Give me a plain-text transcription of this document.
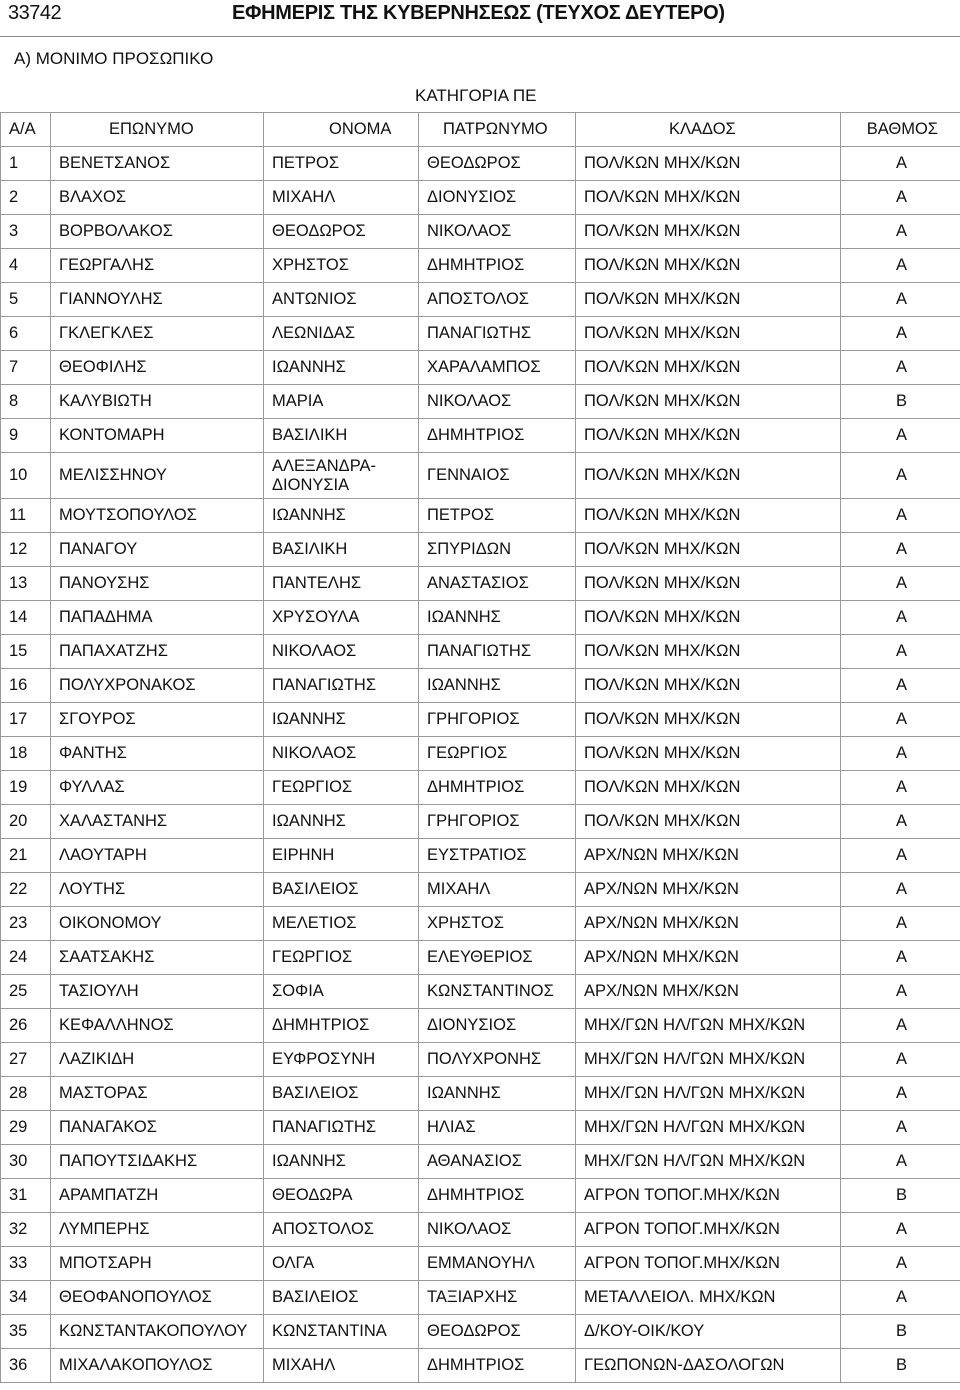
33742	ΕΦΗΜΕΡΙΣ ΤΗΣ ΚΥΒΕΡΝΗΣΕΩΣ (ΤΕΥΧΟΣ ΔΕΥΤΕΡΟ)
Α) ΜΟΝΙΜΟ ΠΡΟΣΩΠΙΚΟ
ΚΑΤΗΓΟΡΙΑ ΠΕ
Α/Α	ΕΠΩΝΥΜΟ	ΟΝΟΜΑ	ΠΑΤΡΩΝΥΜΟ	ΚΛΑΔΟΣ	ΒΑΘΜΟΣ
1	ΒΕΝΕΤΣΑΝΟΣ	ΠΕΤΡΟΣ	ΘΕΟΔΩΡΟΣ	ΠΟΛ/ΚΩΝ ΜΗΧ/ΚΩΝ	Α
2	ΒΛΑΧΟΣ	ΜΙΧΑΗΛ	ΔΙΟΝΥΣΙΟΣ	ΠΟΛ/ΚΩΝ ΜΗΧ/ΚΩΝ	Α
3	ΒΟΡΒΟΛΑΚΟΣ	ΘΕΟΔΩΡΟΣ	ΝΙΚΟΛΑΟΣ	ΠΟΛ/ΚΩΝ ΜΗΧ/ΚΩΝ	Α
4	ΓΕΩΡΓΑΛΗΣ	ΧΡΗΣΤΟΣ	ΔΗΜΗΤΡΙΟΣ	ΠΟΛ/ΚΩΝ ΜΗΧ/ΚΩΝ	Α
5	ΓΙΑΝΝΟΥΛΗΣ	ΑΝΤΩΝΙΟΣ	ΑΠΟΣΤΟΛΟΣ	ΠΟΛ/ΚΩΝ ΜΗΧ/ΚΩΝ	Α
6	ΓΚΛΕΓΚΛΕΣ	ΛΕΩΝΙΔΑΣ	ΠΑΝΑΓΙΩΤΗΣ	ΠΟΛ/ΚΩΝ ΜΗΧ/ΚΩΝ	Α
7	ΘΕΟΦΙΛΗΣ	ΙΩΑΝΝΗΣ	ΧΑΡΑΛΑΜΠΟΣ	ΠΟΛ/ΚΩΝ ΜΗΧ/ΚΩΝ	Α
8	ΚΑΛΥΒΙΩΤΗ	ΜΑΡΙΑ	ΝΙΚΟΛΑΟΣ	ΠΟΛ/ΚΩΝ ΜΗΧ/ΚΩΝ	Β
9	ΚΟΝΤΟΜΑΡΗ	ΒΑΣΙΛΙΚΗ	ΔΗΜΗΤΡΙΟΣ	ΠΟΛ/ΚΩΝ ΜΗΧ/ΚΩΝ	Α
10	ΜΕΛΙΣΣΗΝΟΥ	ΑΛΕΞΑΝΔΡΑ-
ΔΙΟΝΥΣΙΑ	ΓΕΝΝΑΙΟΣ	ΠΟΛ/ΚΩΝ ΜΗΧ/ΚΩΝ	Α
11	ΜΟΥΤΣΟΠΟΥΛΟΣ	ΙΩΑΝΝΗΣ	ΠΕΤΡΟΣ	ΠΟΛ/ΚΩΝ ΜΗΧ/ΚΩΝ	Α
12	ΠΑΝΑΓΟΥ	ΒΑΣΙΛΙΚΗ	ΣΠΥΡΙΔΩΝ	ΠΟΛ/ΚΩΝ ΜΗΧ/ΚΩΝ	Α
13	ΠΑΝΟΥΣΗΣ	ΠΑΝΤΕΛΗΣ	ΑΝΑΣΤΑΣΙΟΣ	ΠΟΛ/ΚΩΝ ΜΗΧ/ΚΩΝ	Α
14	ΠΑΠΑΔΗΜΑ	ΧΡΥΣΟΥΛΑ	ΙΩΑΝΝΗΣ	ΠΟΛ/ΚΩΝ ΜΗΧ/ΚΩΝ	Α
15	ΠΑΠΑΧΑΤΖΗΣ	ΝΙΚΟΛΑΟΣ	ΠΑΝΑΓΙΩΤΗΣ	ΠΟΛ/ΚΩΝ ΜΗΧ/ΚΩΝ	Α
16	ΠΟΛΥΧΡΟΝΑΚΟΣ	ΠΑΝΑΓΙΩΤΗΣ	ΙΩΑΝΝΗΣ	ΠΟΛ/ΚΩΝ ΜΗΧ/ΚΩΝ	Α
17	ΣΓΟΥΡΟΣ	ΙΩΑΝΝΗΣ	ΓΡΗΓΟΡΙΟΣ	ΠΟΛ/ΚΩΝ ΜΗΧ/ΚΩΝ	Α
18	ΦΑΝΤΗΣ	ΝΙΚΟΛΑΟΣ	ΓΕΩΡΓΙΟΣ	ΠΟΛ/ΚΩΝ ΜΗΧ/ΚΩΝ	Α
19	ΦΥΛΛΑΣ	ΓΕΩΡΓΙΟΣ	ΔΗΜΗΤΡΙΟΣ	ΠΟΛ/ΚΩΝ ΜΗΧ/ΚΩΝ	Α
20	ΧΑΛΑΣΤΑΝΗΣ	ΙΩΑΝΝΗΣ	ΓΡΗΓΟΡΙΟΣ	ΠΟΛ/ΚΩΝ ΜΗΧ/ΚΩΝ	Α
21	ΛΑΟΥΤΑΡΗ	ΕΙΡΗΝΗ	ΕΥΣΤΡΑΤΙΟΣ	ΑΡΧ/ΝΩΝ ΜΗΧ/ΚΩΝ	Α
22	ΛΟΥΤΗΣ	ΒΑΣΙΛΕΙΟΣ	ΜΙΧΑΗΛ	ΑΡΧ/ΝΩΝ ΜΗΧ/ΚΩΝ	Α
23	ΟΙΚΟΝΟΜΟΥ	ΜΕΛΕΤΙΟΣ	ΧΡΗΣΤΟΣ	ΑΡΧ/ΝΩΝ ΜΗΧ/ΚΩΝ	Α
24	ΣΑΑΤΣΑΚΗΣ	ΓΕΩΡΓΙΟΣ	ΕΛΕΥΘΕΡΙΟΣ	ΑΡΧ/ΝΩΝ ΜΗΧ/ΚΩΝ	Α
25	ΤΑΣΙΟΥΛΗ	ΣΟΦΙΑ	ΚΩΝΣΤΑΝΤΙΝΟΣ	ΑΡΧ/ΝΩΝ ΜΗΧ/ΚΩΝ	Α
26	ΚΕΦΑΛΛΗΝΟΣ	ΔΗΜΗΤΡΙΟΣ	ΔΙΟΝΥΣΙΟΣ	ΜΗΧ/ΓΩΝ ΗΛ/ΓΩΝ ΜΗΧ/ΚΩΝ	Α
27	ΛΑΖΙΚΙΔΗ	ΕΥΦΡΟΣΥΝΗ	ΠΟΛΥΧΡΟΝΗΣ	ΜΗΧ/ΓΩΝ ΗΛ/ΓΩΝ ΜΗΧ/ΚΩΝ	Α
28	ΜΑΣΤΟΡΑΣ	ΒΑΣΙΛΕΙΟΣ	ΙΩΑΝΝΗΣ	ΜΗΧ/ΓΩΝ ΗΛ/ΓΩΝ ΜΗΧ/ΚΩΝ	Α
29	ΠΑΝΑΓΑΚΟΣ	ΠΑΝΑΓΙΩΤΗΣ	ΗΛΙΑΣ	ΜΗΧ/ΓΩΝ ΗΛ/ΓΩΝ ΜΗΧ/ΚΩΝ	Α
30	ΠΑΠΟΥΤΣΙΔΑΚΗΣ	ΙΩΑΝΝΗΣ	ΑΘΑΝΑΣΙΟΣ	ΜΗΧ/ΓΩΝ ΗΛ/ΓΩΝ ΜΗΧ/ΚΩΝ	Α
31	ΑΡΑΜΠΑΤΖΗ	ΘΕΟΔΩΡΑ	ΔΗΜΗΤΡΙΟΣ	ΑΓΡΟΝ ΤΟΠΟΓ.ΜΗΧ/ΚΩΝ	Β
32	ΛΥΜΠΕΡΗΣ	ΑΠΟΣΤΟΛΟΣ	ΝΙΚΟΛΑΟΣ	ΑΓΡΟΝ ΤΟΠΟΓ.ΜΗΧ/ΚΩΝ	Α
33	ΜΠΟΤΣΑΡΗ	ΟΛΓΑ	ΕΜΜΑΝΟΥΗΛ	ΑΓΡΟΝ ΤΟΠΟΓ.ΜΗΧ/ΚΩΝ	Α
34	ΘΕΟΦΑΝΟΠΟΥΛΟΣ	ΒΑΣΙΛΕΙΟΣ	ΤΑΞΙΑΡΧΗΣ	ΜΕΤΑΛΛΕΙΟΛ. ΜΗΧ/ΚΩΝ	Α
35	ΚΩΝΣΤΑΝΤΑΚΟΠΟΥΛΟΥ	ΚΩΝΣΤΑΝΤΙΝΑ	ΘΕΟΔΩΡΟΣ	Δ/ΚΟΥ-ΟΙΚ/ΚΟΥ	Β
36	ΜΙΧΑΛΑΚΟΠΟΥΛΟΣ	ΜΙΧΑΗΛ	ΔΗΜΗΤΡΙΟΣ	ΓΕΩΠΟΝΩΝ-ΔΑΣΟΛΟΓΩΝ	Β
